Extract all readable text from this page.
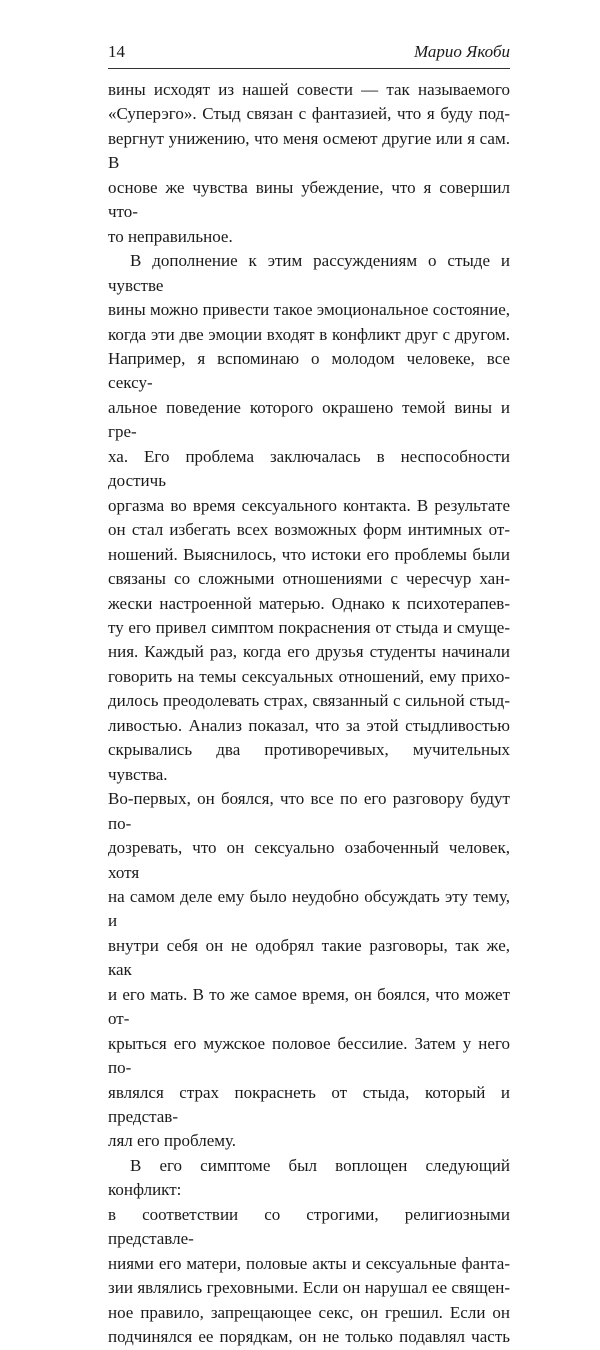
14	Марио Якоби

вины исходят из нашей совести — так называемого

«Суперэго». Стыд связан с фантазией, что я буду под-

вергнут унижению, что меня осмеют другие или я сам. В

основе же чувства вины убеждение, что я совершил что-

то неправильное.

В дополнение к этим рассуждениям о стыде и чувстве

вины можно привести такое эмоциональное состояние,

когда эти две эмоции входят в конфликт друг с другом.

Например, я вспоминаю о молодом человеке, все сексу-

альное поведение которого окрашено темой вины и гре-

ха. Его проблема заключалась в неспособности достичь

оргазма во время сексуального контакта. В результате

он стал избегать всех возможных форм интимных от-

ношений. Выяснилось, что истоки его проблемы были

связаны со сложными отношениями с чересчур хан-

жески настроенной матерью. Однако к психотерапев-

ту его привел симптом покраснения от стыда и смуще-

ния. Каждый раз, когда его друзья студенты начинали

говорить на темы сексуальных отношений, ему прихо-

дилось преодолевать страх, связанный с сильной стыд-

ливостью. Анализ показал, что за этой стыдливостью

скрывались два противоречивых, мучительных чувства.

Во-первых, он боялся, что все по его разговору будут по-

дозревать, что он сексуально озабоченный человек, хотя

на самом деле ему было неудобно обсуждать эту тему, и

внутри себя он не одобрял такие разговоры, так же, как

и его мать. В то же самое время, он боялся, что может от-

крыться его мужское половое бессилие. Затем у него по-

являлся страх покраснеть от стыда, который и представ-

лял его проблему.

В его симптоме был воплощен следующий конфликт:

в соответствии со строгими, религиозными представле-

ниями его матери, половые акты и сексуальные фанта-

зии являлись греховными. Если он нарушал ее священ-

ное правило, запрещающее секс, он грешил. Если он

подчинялся ее порядкам, он не только подавлял часть
